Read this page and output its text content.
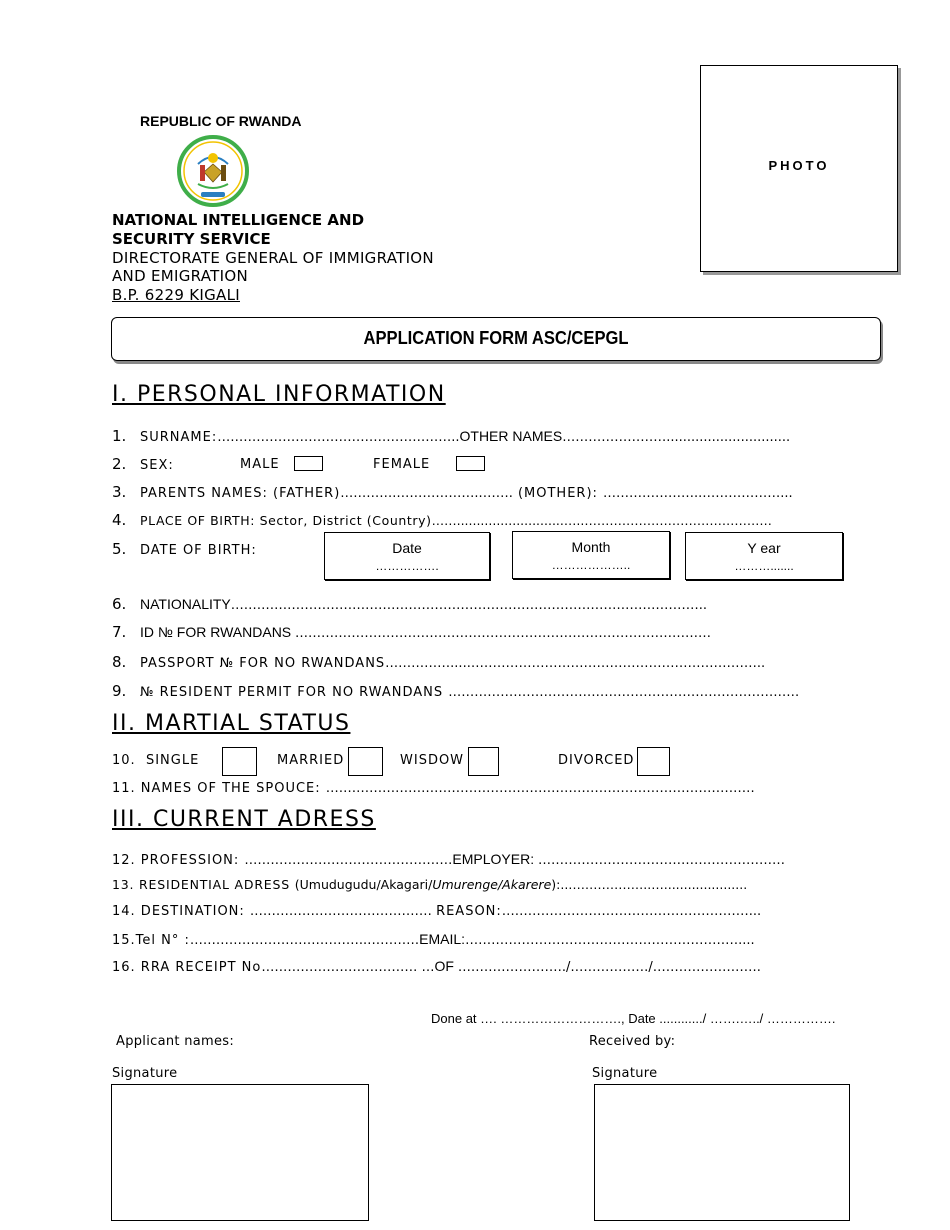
REPUBLIC OF RWANDA
NATIONAL INTELLIGENCE AND
SECURITY SERVICE
DIRECTORATE GENERAL OF IMMIGRATION
AND EMIGRATION
B.P. 6229 KIGALI
PHOTO
APPLICATION FORM ASC/CEPGL
I. PERSONAL INFORMATION
1. SURNAME:………………………………………………..OTHER NAMES……………………..............................
2. SEX:	MALE	FEMALE
3. PARENTS NAMES: (FATHER)………….………………..……. (MOTHER): …………………..………………...
4. PLACE OF BIRTH: Sector, District (Country)……...........................…..………………………………………
5. DATE OF BIRTH:	Date
…………….
Month
………………..
Y ear
……….......
6. NATIONALITY………………………………………………………………………………………………..
7. ID № FOR RWANDANS ……………………………………………………………………………………
8. PASSPORT № FOR NO RWANDANS…………….....…………………………………………………………..
9. № RESIDENT PERMIT FOR NO RWANDANS ………………………………………………………………………
II. MARTIAL STATUS
10. SINGLE	MARRIED	WISDOW	DIVORCED
11. NAMES OF THE SPOUCE: ………………………………………………………………………………………
III. CURRENT ADRESS
12. PROFESSION: …………………………………………EMPLOYER: …………………………………………………
13. RESIDENTIAL ADRESS (Umudugudu/Akagari/Umurenge/Akarere):..………………..….....................
14. DESTINATION: …………………………………… REASON:…………………………………………………...
15.Tel N° :…………………………………..…………EMAIL:………………………………………………………....
16. RRA RECEIPT No……………………………… …OF ……………………./………………/…………………….
Done at …. ………………………., Date ............/ …….…../ …………….
Applicant names:	Received by:
Signature	Signature
